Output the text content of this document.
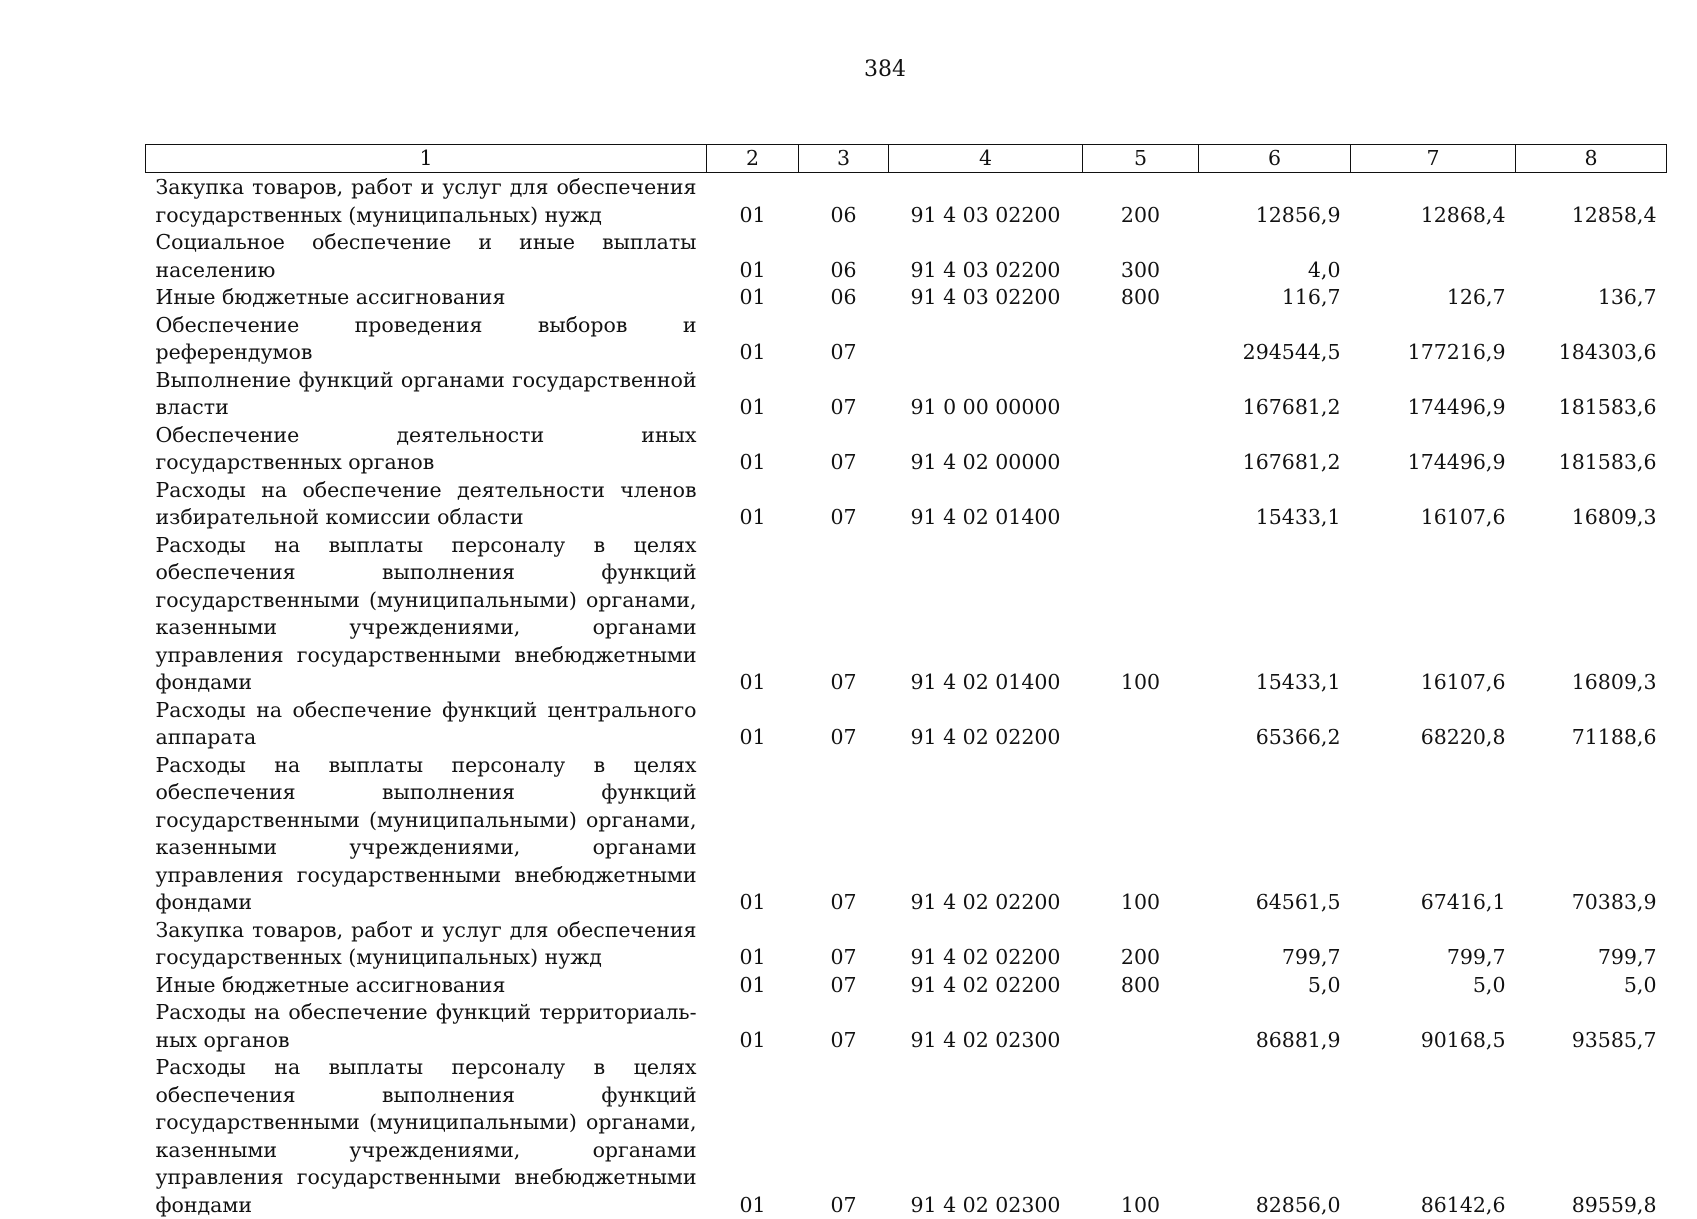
384
1	2	3	4	5	6	7	8
Закупка товаров, работ и услуг для обеспечения государственных (муниципальных) нужд	01	06	91 4 03 02200	200	12856,9	12868,4	12858,4
Социальное обеспечение и иные выплаты населению	01	06	91 4 03 02200	300	4,0		
Иные бюджетные ассигнования	01	06	91 4 03 02200	800	116,7	126,7	136,7
Обеспечение проведения выборов и референдумов	01	07			294544,5	177216,9	184303,6
Выполнение функций органами государственной власти	01	07	91 0 00 00000		167681,2	174496,9	181583,6
Обеспечение деятельности иных государственных органов	01	07	91 4 02 00000		167681,2	174496,9	181583,6
Расходы на обеспечение деятельности членов избирательной комиссии области	01	07	91 4 02 01400		15433,1	16107,6	16809,3
Расходы на выплаты персоналу в целях обеспечения выполнения функций государственными (муниципальными) органами, казенными учреждениями, органами управления государственными внебюджетными фондами	01	07	91 4 02 01400	100	15433,1	16107,6	16809,3
Расходы на обеспечение функций центрального аппарата	01	07	91 4 02 02200		65366,2	68220,8	71188,6
Расходы на выплаты персоналу в целях обеспечения выполнения функций государственными (муниципальными) органами, казенными учреждениями, органами управления государственными внебюджетными фондами	01	07	91 4 02 02200	100	64561,5	67416,1	70383,9
Закупка товаров, работ и услуг для обеспечения государственных (муниципальных) нужд	01	07	91 4 02 02200	200	799,7	799,7	799,7
Иные бюджетные ассигнования	01	07	91 4 02 02200	800	5,0	5,0	5,0
Расходы на обеспечение функций территориальных органов	01	07	91 4 02 02300		86881,9	90168,5	93585,7
Расходы на выплаты персоналу в целях обеспечения выполнения функций государственными (муниципальными) органами, казенными учреждениями, органами управления государственными внебюджетными фондами	01	07	91 4 02 02300	100	82856,0	86142,6	89559,8
